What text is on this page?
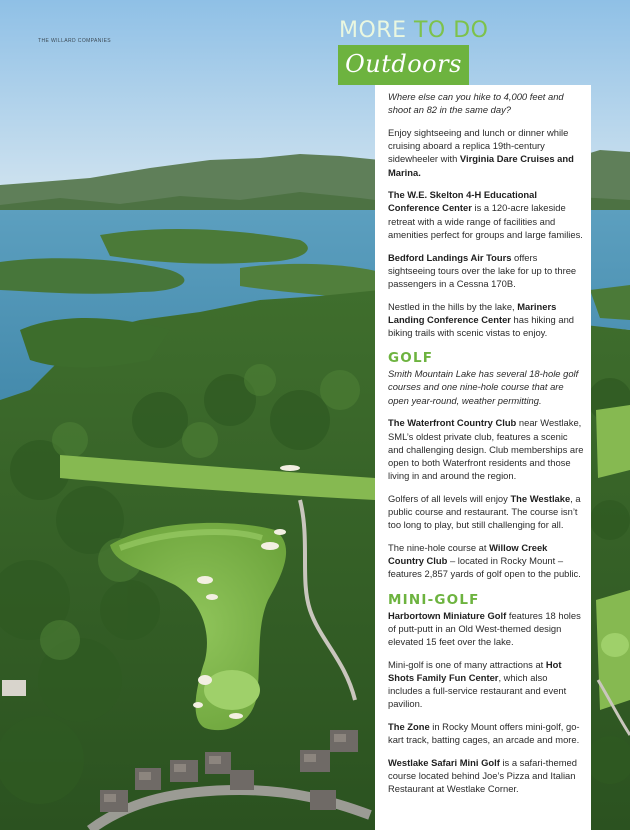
THE WILLARD COMPANIES	MORE TO DO
Outdoors

Where else can you hike to 4,000 feet and shoot an 82 in the same day?

Enjoy sightseeing and lunch or dinner while cruising aboard a replica 19th-century sidewheeler with Virginia Dare Cruises and Marina.

The W.E. Skelton 4-H Educational Conference Center is a 120-acre lakeside retreat with a wide range of facilities and amenities perfect for groups and large families.

Bedford Landings Air Tours offers sightseeing tours over the lake for up to three passengers in a Cessna 170B.

Nestled in the hills by the lake, Mariners Landing Conference Center has hiking and biking trails with scenic vistas to enjoy.

GOLF

Smith Mountain Lake has several 18-hole golf courses and one nine-hole course that are open year-round, weather permitting.

The Waterfront Country Club near Westlake, SML’s oldest private club, features a scenic and challenging design. Club memberships are open to both Waterfront residents and those living in and around the region.

Golfers of all levels will enjoy The Westlake, a public course and restaurant. The course isn’t too long to play, but still challenging for all.

The nine-hole course at Willow Creek Country Club – located in Rocky Mount – features 2,857 yards of golf open to the public.

MINI-GOLF

Harbortown Miniature Golf features 18 holes of putt-putt in an Old West-themed design elevated 15 feet over the lake.

Mini-golf is one of many attractions at Hot Shots Family Fun Center, which also includes a full-service restaurant and event pavilion.

The Zone in Rocky Mount offers mini-golf, go-kart track, batting cages, an arcade and more.

Westlake Safari Mini Golf is a safari-themed course located behind Joe’s Pizza and Italian Restaurant at Westlake Corner.
